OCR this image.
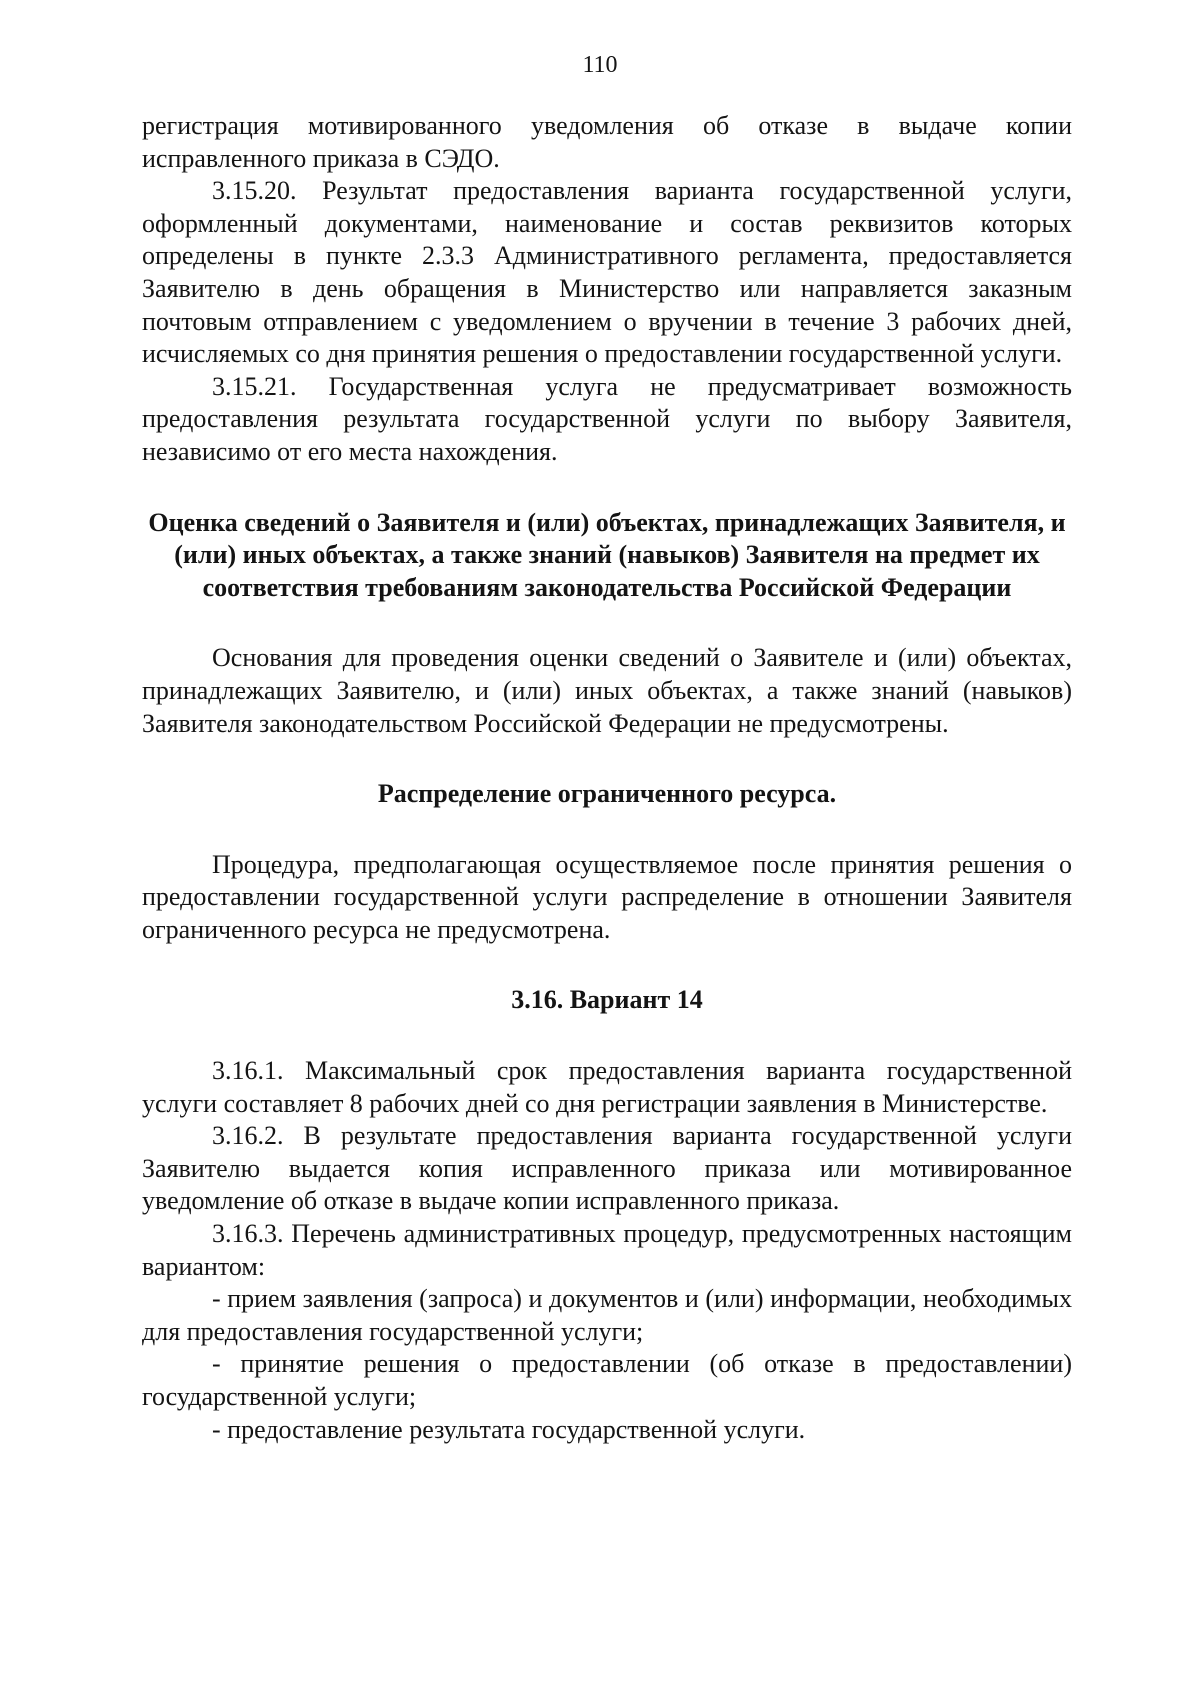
110

регистрация мотивированного уведомления об отказе в выдаче копии исправленного приказа в СЭДО.

3.15.20. Результат предоставления варианта государственной услуги, оформленный документами, наименование и состав реквизитов которых определены в пункте 2.3.3 Административного регламента, предоставляется Заявителю в день обращения в Министерство или направляется заказным почтовым отправлением с уведомлением о вручении в течение 3 рабочих дней, исчисляемых со дня принятия решения о предоставлении государственной услуги.

3.15.21. Государственная услуга не предусматривает возможность предоставления результата государственной услуги по выбору Заявителя, независимо от его места нахождения.

Оценка сведений о Заявителя и (или) объектах, принадлежащих Заявителя, и (или) иных объектах, а также знаний (навыков) Заявителя на предмет их соответствия требованиям законодательства Российской Федерации

Основания для проведения оценки сведений о Заявителе и (или) объектах, принадлежащих Заявителю, и (или) иных объектах, а также знаний (навыков) Заявителя законодательством Российской Федерации не предусмотрены.

Распределение ограниченного ресурса.

Процедура, предполагающая осуществляемое после принятия решения о предоставлении государственной услуги распределение в отношении Заявителя ограниченного ресурса не предусмотрена.

3.16. Вариант 14

3.16.1. Максимальный срок предоставления варианта государственной услуги составляет 8 рабочих дней со дня регистрации заявления в Министерстве.

3.16.2. В результате предоставления варианта государственной услуги Заявителю выдается копия исправленного приказа или мотивированное уведомление об отказе в выдаче копии исправленного приказа.

3.16.3. Перечень административных процедур, предусмотренных настоящим вариантом:

- прием заявления (запроса) и документов и (или) информации, необходимых для предоставления государственной услуги;

- принятие решения о предоставлении (об отказе в предоставлении) государственной услуги;

- предоставление результата государственной услуги.
